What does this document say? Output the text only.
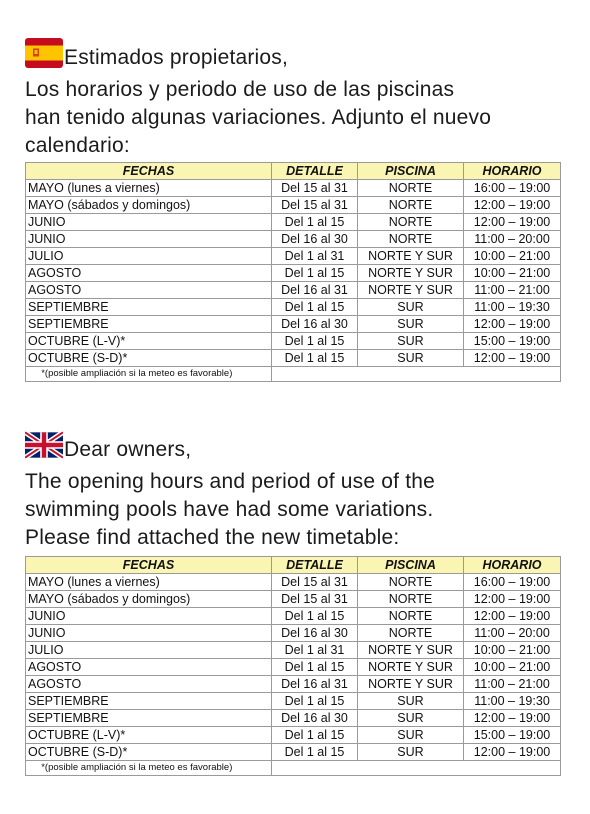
Estimados propietarios,
Los horarios y periodo de uso de las piscinas
han tenido algunas variaciones. Adjunto el nuevo
calendario:
FECHAS	DETALLE	PISCINA	HORARIO
MAYO (lunes a viernes)	Del 15 al 31	NORTE	16:00 – 19:00
MAYO (sábados y domingos)	Del 15 al 31	NORTE	12:00 – 19:00
JUNIO	Del 1 al 15	NORTE	12:00 – 19:00
JUNIO	Del 16 al 30	NORTE	11:00 – 20:00
JULIO	Del 1 al 31	NORTE Y SUR	10:00 – 21:00
AGOSTO	Del 1 al 15	NORTE Y SUR	10:00 – 21:00
AGOSTO	Del 16 al 31	NORTE Y SUR	11:00 – 21:00
SEPTIEMBRE	Del 1 al 15	SUR	11:00 – 19:30
SEPTIEMBRE	Del 16 al 30	SUR	12:00 – 19:00
OCTUBRE (L-V)*	Del 1 al 15	SUR	15:00 – 19:00
OCTUBRE (S-D)*	Del 1 al 15	SUR	12:00 – 19:00
*(posible ampliación si la meteo es favorable)			
Dear owners,
The opening hours and period of use of the
swimming pools have had some variations.
Please find attached the new timetable:
FECHAS	DETALLE	PISCINA	HORARIO
MAYO (lunes a viernes)	Del 15 al 31	NORTE	16:00 – 19:00
MAYO (sábados y domingos)	Del 15 al 31	NORTE	12:00 – 19:00
JUNIO	Del 1 al 15	NORTE	12:00 – 19:00
JUNIO	Del 16 al 30	NORTE	11:00 – 20:00
JULIO	Del 1 al 31	NORTE Y SUR	10:00 – 21:00
AGOSTO	Del 1 al 15	NORTE Y SUR	10:00 – 21:00
AGOSTO	Del 16 al 31	NORTE Y SUR	11:00 – 21:00
SEPTIEMBRE	Del 1 al 15	SUR	11:00 – 19:30
SEPTIEMBRE	Del 16 al 30	SUR	12:00 – 19:00
OCTUBRE (L-V)*	Del 1 al 15	SUR	15:00 – 19:00
OCTUBRE (S-D)*	Del 1 al 15	SUR	12:00 – 19:00
*(posible ampliación si la meteo es favorable)			
